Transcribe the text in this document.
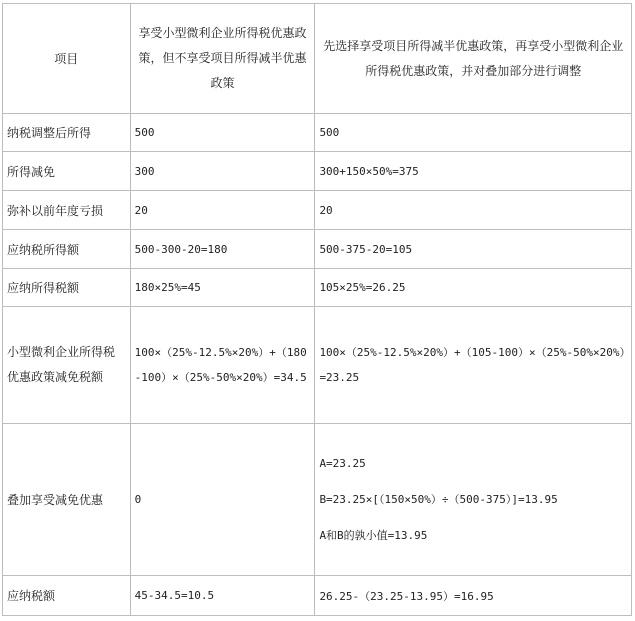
项目	享受小型微利企业所得税优惠政策，但不享受项目所得减半优惠政策	先选择享受项目所得减半优惠政策，再享受小型微利企业所得税优惠政策，并对叠加部分进行调整
纳税调整后所得	500	500
所得减免	300	300+150×50%=375
弥补以前年度亏损	20	20
应纳税所得额	500-300-20=180	500-375-20=105
应纳所得税额	180×25%=45	105×25%=26.25
小型微利企业所得税优惠政策减免税额	100×（25%-12.5%×20%）+（180-100）×（25%-50%×20%）=34.5	100×（25%-12.5%×20%）+（105-100）×（25%-50%×20%）=23.25
叠加享受减免优惠	0	A=23.25
B=23.25×[（150×50%）÷（500-375）]=13.95
A和B的孰小值=13.95

应纳税额	45-34.5=10.5	26.25-（23.25-13.95）=16.95
